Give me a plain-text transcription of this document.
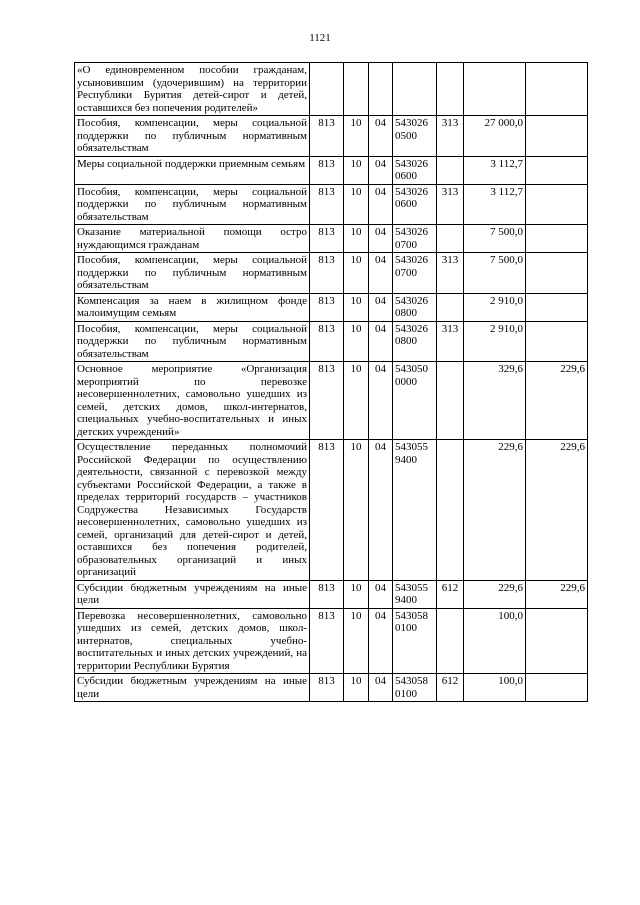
1121
«О единовременном пособии гражданам, усыновившим (удочерившим) на территории Республики Бурятия детей-сирот и детей, оставшихся без попечения родителей»							
Пособия, компенсации, меры социальной поддержки по публичным нормативным обязательствам	813	10	04	543026 0500	313	27 000,0	
Меры социальной поддержки приемным семьям	813	10	04	543026 0600		3 112,7	
Пособия, компенсации, меры социальной поддержки по публичным нормативным обязательствам	813	10	04	543026 0600	313	3 112,7	
Оказание материальной помощи остро нуждающимся гражданам	813	10	04	543026 0700		7 500,0	
Пособия, компенсации, меры социальной поддержки по публичным нормативным обязательствам	813	10	04	543026 0700	313	7 500,0	
Компенсация за наем в жилищном фонде малоимущим семьям	813	10	04	543026 0800		2 910,0	
Пособия, компенсации, меры социальной поддержки по публичным нормативным обязательствам	813	10	04	543026 0800	313	2 910,0	
Основное мероприятие «Организация мероприятий по перевозке несовершеннолетних, самовольно ушедших из семей, детских домов, школ-интернатов, специальных учебно-воспитательных и иных детских учреждений»	813	10	04	543050 0000		329,6	229,6
Осуществление переданных полномочий Российской Федерации по осуществлению деятельности, связанной с перевозкой между субъектами Российской Федерации, а также в пределах территорий государств – участников Содружества Независимых Государств несовершеннолетних, самовольно ушедших из семей, организаций для детей-сирот и детей, оставшихся без попечения родителей, образовательных организаций и иных организаций	813	10	04	543055 9400		229,6	229,6
Субсидии бюджетным учреждениям на иные цели	813	10	04	543055 9400	612	229,6	229,6
Перевозка несовершеннолетних, самовольно ушедших из семей, детских домов, школ-интернатов, специальных учебно-воспитательных и иных детских учреждений, на территории Республики Бурятия	813	10	04	543058 0100		100,0	
Субсидии бюджетным учреждениям на иные цели	813	10	04	543058 0100	612	100,0	
